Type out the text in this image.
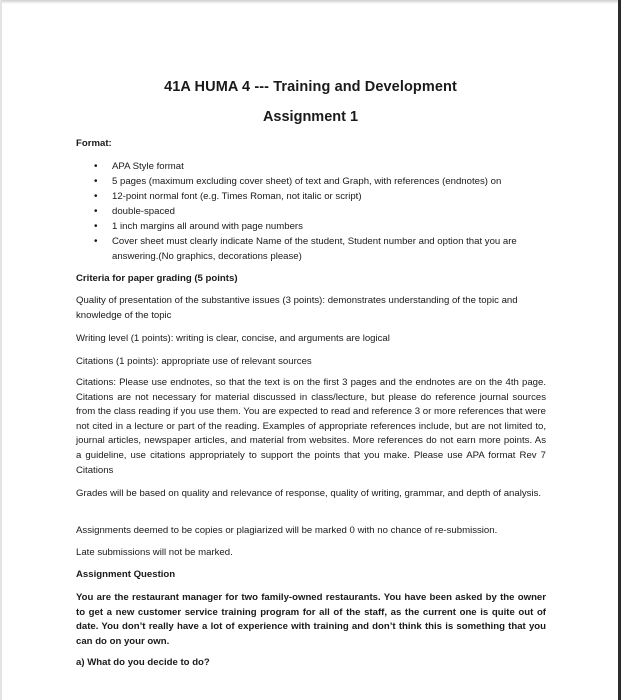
41A HUMA 4 --- Training and Development
Assignment 1

Format:

• APA Style format
• 5 pages (maximum excluding cover sheet) of text and Graph, with references (endnotes) on
• 12-point normal font (e.g. Times Roman, not italic or script)
• double-spaced
• 1 inch margins all around with page numbers
• Cover sheet must clearly indicate Name of the student, Student number and option that you are answering.(No graphics, decorations please)

Criteria for paper grading (5 points)

Quality of presentation of the substantive issues (3 points): demonstrates understanding of the topic and knowledge of the topic

Writing level (1 points): writing is clear, concise, and arguments are logical

Citations (1 points): appropriate use of relevant sources

Citations: Please use endnotes, so that the text is on the first 3 pages and the endnotes are on the 4th page. Citations are not necessary for material discussed in class/lecture, but please do reference journal sources from the class reading if you use them. You are expected to read and reference 3 or more references that were not cited in a lecture or part of the reading. Examples of appropriate references include, but are not limited to, journal articles, newspaper articles, and material from websites. More references do not earn more points. As a guideline, use citations appropriately to support the points that you make. Please use APA format Rev 7 Citations

Grades will be based on quality and relevance of response, quality of writing, grammar, and depth of analysis.

Assignments deemed to be copies or plagiarized will be marked 0 with no chance of re-submission.

Late submissions will not be marked.

Assignment Question

You are the restaurant manager for two family-owned restaurants. You have been asked by the owner to get a new customer service training program for all of the staff, as the current one is quite out of date. You don’t really have a lot of experience with training and don’t think this is something that you can do on your own.

a) What do you decide to do?
